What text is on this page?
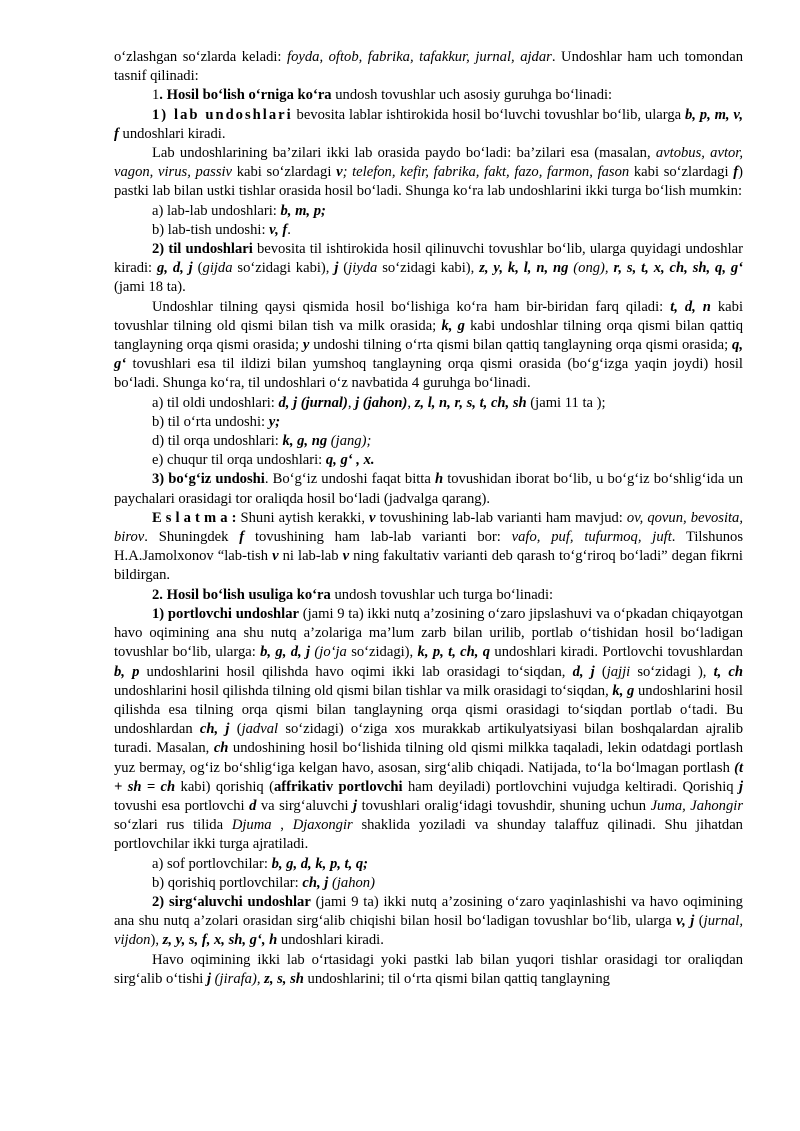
o‘zlashgan so‘zlarda keladi: foyda, oftob, fabrika, tafakkur, jurnal, ajdar. Undoshlar ham uch tomondan tasnif qilinadi:

1. Hosil bo‘lish o‘rniga ko‘ra undosh tovushlar uch asosiy guruhga bo‘linadi:

1) lab undoshlari bevosita lablar ishtirokida hosil bo‘luvchi tovushlar bo‘lib, ularga b, p, m, v, f undoshlari kiradi.

Lab undoshlarining ba’zilari ikki lab orasida paydo bo‘ladi: ba’zilari esa (masalan, avtobus, avtor, vagon, virus, passiv kabi so‘zlardagi v; telefon, kefir, fabrika, fakt, fazo, farmon, fason kabi so‘zlardagi f) pastki lab bilan ustki tishlar orasida hosil bo‘ladi. Shunga ko‘ra lab undoshlarini ikki turga bo‘lish mumkin:

a) lab-lab undoshlari: b, m, p;

b) lab-tish undoshi: v, f.

2) til undoshlari bevosita til ishtirokida hosil qilinuvchi tovushlar bo‘lib, ularga quyidagi undoshlar kiradi: g, d, j (gijda so‘zidagi kabi), j (jiyda so‘zidagi kabi), z, y, k, l, n, ng (ong), r, s, t, x, ch, sh, q, g‘ (jami 18 ta).

Undoshlar tilning qaysi qismida hosil bo‘lishiga ko‘ra ham bir-biridan farq qiladi: t, d, n kabi tovushlar tilning old qismi bilan tish va milk orasida; k, g kabi undoshlar tilning orqa qismi bilan qattiq tanglayning orqa qismi orasida; y undoshi tilning o‘rta qismi bilan qattiq tanglayning orqa qismi orasida; q, g‘ tovushlari esa til ildizi bilan yumshoq tanglayning orqa qismi orasida (bo‘g‘izga yaqin joydi) hosil bo‘ladi. Shunga ko‘ra, til undoshlari o‘z navbatida 4 guruhga bo‘linadi.

a) til oldi undoshlari: d, j (jurnal), j (jahon), z, l, n, r, s, t, ch, sh (jami 11 ta );

b) til o‘rta undoshi: y;

d) til orqa undoshlari: k, g, ng (jang);

e) chuqur til orqa undoshlari: q, g‘ , x.

3) bo‘g‘iz undoshi. Bo‘g‘iz undoshi faqat bitta h tovushidan iborat bo‘lib, u bo‘g‘iz bo‘shlig‘ida un paychalari orasidagi tor oraliqda hosil bo‘ladi (jadvalga qarang).

E s l a t m a : Shuni aytish kerakki, v tovushining lab-lab varianti ham mavjud: ov, qovun, bevosita, birov. Shuningdek f tovushining ham lab-lab varianti bor: vafo, puf, tufurmoq, juft. Tilshunos H.A.Jamolxonov “lab-tish v ni lab-lab v ning fakultativ varianti deb qarash to‘g‘riroq bo‘ladi” degan fikrni bildirgan.

2. Hosil bo‘lish usuliga ko‘ra undosh tovushlar uch turga bo‘linadi:

1) portlovchi undoshlar (jami 9 ta) ikki nutq a’zosining o‘zaro jipslashuvi va o‘pkadan chiqayotgan havo oqimining ana shu nutq a’zolariga ma’lum zarb bilan urilib, portlab o‘tishidan hosil bo‘ladigan tovushlar bo‘lib, ularga: b, g, d, j (jo‘ja so‘zidagi), k, p, t, ch, q undoshlari kiradi. Portlovchi tovushlardan b, p undoshlarini hosil qilishda havo oqimi ikki lab orasidagi to‘siqdan, d, j (jajji so‘zidagi ), t, ch undoshlarini hosil qilishda tilning old qismi bilan tishlar va milk orasidagi to‘siqdan, k, g undoshlarini hosil qilishda esa tilning orqa qismi bilan tanglayning orqa qismi orasidagi to‘siqdan portlab o‘tadi. Bu undoshlardan ch, j (jadval so‘zidagi) o‘ziga xos murakkab artikulyatsiyasi bilan boshqalardan ajralib turadi. Masalan, ch undoshining hosil bo‘lishida tilning old qismi milkka taqaladi, lekin odatdagi portlash yuz bermay, og‘iz bo‘shlig‘iga kelgan havo, asosan, sirg‘alib chiqadi. Natijada, to‘la bo‘lmagan portlash (t + sh = ch kabi) qorishiq (affrikativ portlovchi ham deyiladi) portlovchini vujudga keltiradi. Qorishiq j tovushi esa portlovchi d va sirg‘aluvchi j tovushlari oralig‘idagi tovushdir, shuning uchun Juma, Jahongir so‘zlari rus tilida Djuma , Djaxongir shaklida yoziladi va shunday talaffuz qilinadi. Shu jihatdan portlovchilar ikki turga ajratiladi.

a) sof portlovchilar: b, g, d, k, p, t, q;

b) qorishiq portlovchilar: ch, j (jahon)

2) sirg‘aluvchi undoshlar (jami 9 ta) ikki nutq a’zosining o‘zaro yaqinlashishi va havo oqimining ana shu nutq a’zolari orasidan sirg‘alib chiqishi bilan hosil bo‘ladigan tovushlar bo‘lib, ularga v, j (jurnal, vijdon), z, y, s, f, x, sh, g‘, h undoshlari kiradi.

Havo oqimining ikki lab o‘rtasidagi yoki pastki lab bilan yuqori tishlar orasidagi tor oraliqdan sirg‘alib o‘tishi j (jirafa), z, s, sh undoshlarini; til o‘rta qismi bilan qattiq tanglayning
